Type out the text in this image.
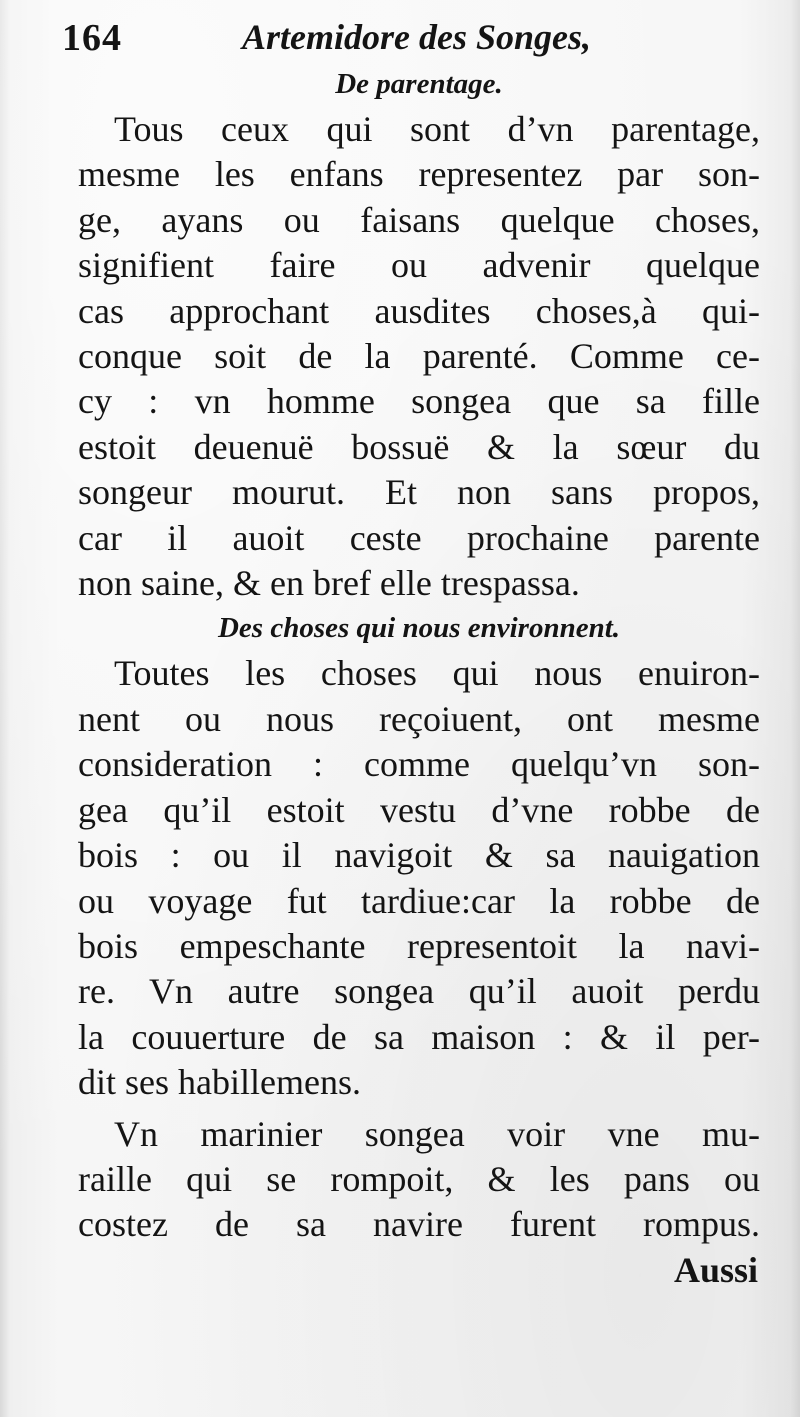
164	Artemidore des Songes,
De parentage.
Tous ceux qui sont d’vn parentage,
mesme les enfans representez par son-
ge, ayans ou faisans quelque choses,
signifient faire ou advenir quelque
cas approchant ausdites choses,à qui-
conque soit de la parenté. Comme ce-
cy : vn homme songea que sa fille
estoit deuenuë bossuë & la sœur du
songeur mourut. Et non sans propos,
car il auoit ceste prochaine parente
non saine, & en bref elle trespassa.
Des choses qui nous environnent.
Toutes les choses qui nous enuiron-
nent ou nous reçoiuent, ont mesme
consideration : comme quelqu’vn son-
gea qu’il estoit vestu d’vne robbe de
bois : ou il navigoit & sa nauigation
ou voyage fut tardiue:car la robbe de
bois empeschante representoit la navi-
re. Vn autre songea qu’il auoit perdu
la couuerture de sa maison : & il per-
dit ses habillemens.
Vn marinier songea voir vne mu-
raille qui se rompoit, & les pans ou
costez de sa navire furent rompus.
Aussi
